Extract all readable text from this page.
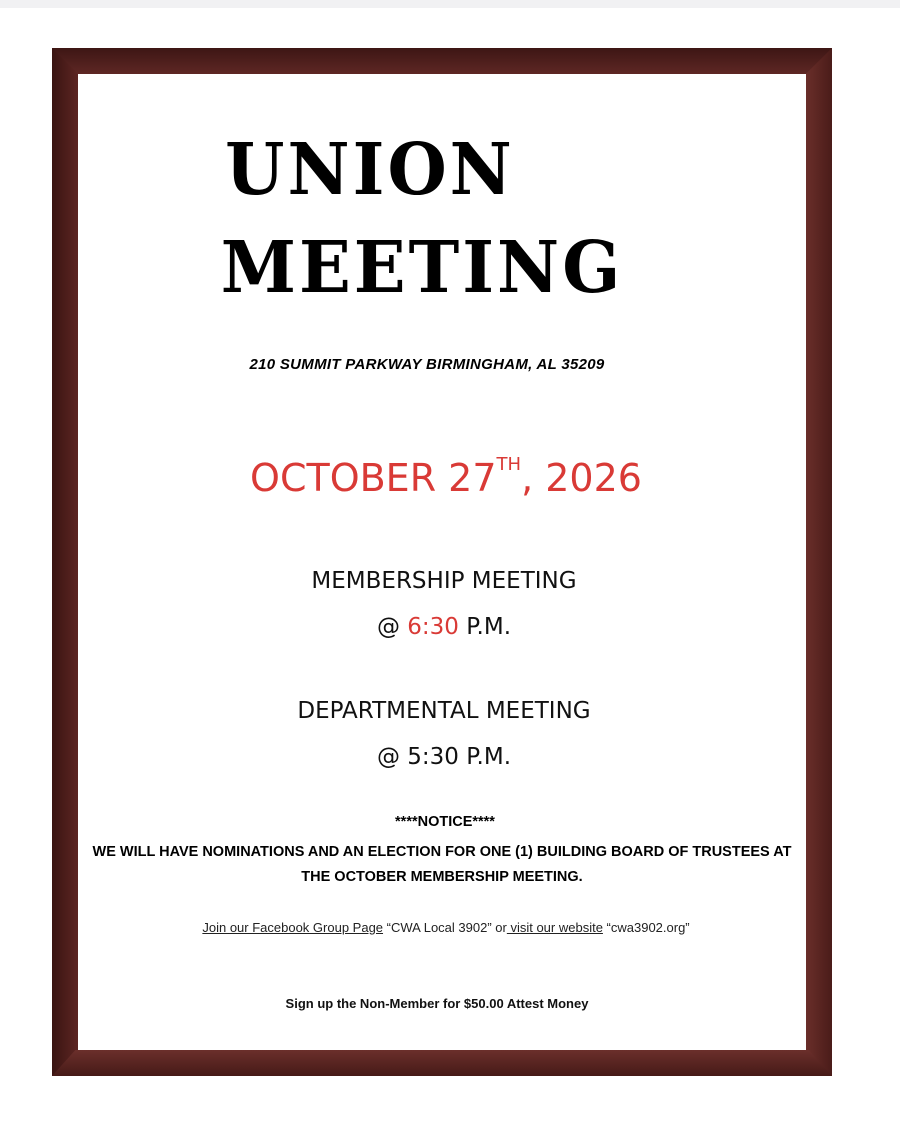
UNION
MEETING
210 SUMMIT PARKWAY BIRMINGHAM, AL 35209
OCTOBER 27TH, 2026
MEMBERSHIP MEETING
@ 6:30 P.M.
DEPARTMENTAL MEETING
@ 5:30 P.M.
****NOTICE****
WE WILL HAVE NOMINATIONS AND AN ELECTION FOR ONE (1) BUILDING BOARD OF TRUSTEES AT THE OCTOBER MEMBERSHIP MEETING.
Join our Facebook Group Page “CWA Local 3902” or visit our website “cwa3902.org”
Sign up the Non-Member for $50.00 Attest Money
